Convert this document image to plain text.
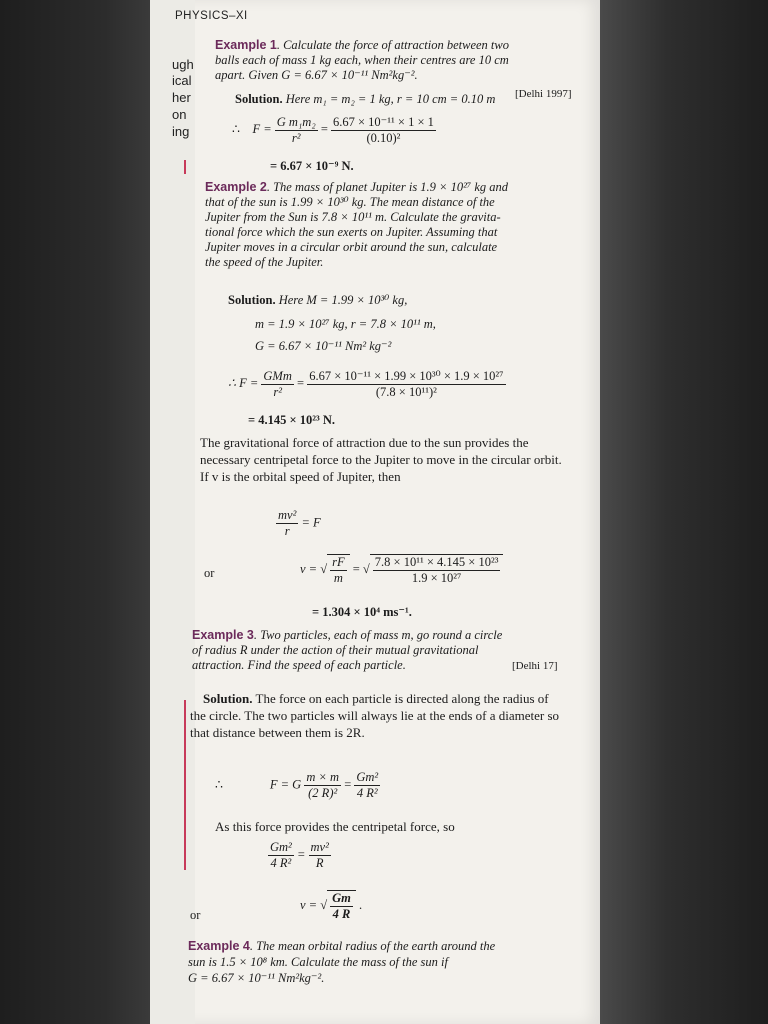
PHYSICS–XI
ugh
ical
her
on
ing
Example 1. Calculate the force of attraction between two
balls each of mass 1 kg each, when their centres are 10 cm
apart. Given G = 6.67 × 10⁻¹¹ Nm²kg⁻².
[Delhi 1997]
Solution. Here m₁ = m₂ = 1 kg, r = 10 cm = 0.10 m
∴ $F = \frac{\text{G m₁m₂}}{\text{r²}} = \frac{\text{6.67 × 10⁻¹¹ × 1 × 1}}{\text{(0.10)²}}$
= 6.67 × 10⁻⁹ N.
Example 2. The mass of planet Jupiter is 1.9 × 10²⁷ kg and
that of the sun is 1.99 × 10³⁰ kg. The mean distance of the
Jupiter from the Sun is 7.8 × 10¹¹ m. Calculate the gravita-
tional force which the sun exerts on Jupiter. Assuming that
Jupiter moves in a circular orbit around the sun, calculate
the speed of the Jupiter.
Solution. Here M = 1.99 × 10³⁰ kg,
m = 1.9 × 10²⁷ kg, r = 7.8 × 10¹¹ m,
G = 6.67 × 10⁻¹¹ Nm² kg⁻²
∴ $F = \frac{\text{GMm}}{\text{r²}} = \frac{\text{6.67 × 10⁻¹¹ × 1.99 × 10³⁰ × 1.9 × 10²⁷}}{\text{(7.8 × 10¹¹)²}}$
= 4.145 × 10²³ N.
The gravitational force of attraction due to the sun provides the necessary centripetal force to the Jupiter to move in the circular orbit. If v is the orbital speed of Jupiter, then
$\frac{\text{mv²}}{r} = F$
or	v = √ $\frac{rF}{m}$ = √ $\frac{\text{7.8 × 10¹¹ × 4.145 × 10²³}}{\text{1.9 × 10²⁷}}$
= 1.304 × 10⁴ ms⁻¹.
Example 3. Two particles, each of mass m, go round a circle
of radius R under the action of their mutual gravitational
attraction. Find the speed of each particle.	[Delhi 17]
Solution. The force on each particle is directed along the radius of the circle. The two particles will always lie at the ends of a diameter so that distance between them is 2R.
∴	F = G $\frac{m \times m}{\text{(2 R)²}} = \frac{\text{Gm²}}{\text{4 R²}}$
As this force provides the centripetal force, so
$\frac{\text{Gm²}}{\text{4 R²}} = \frac{\text{mv²}}{R}$
or
v = √ $\frac{Gm}{4 R}$ .
Example 4. The mean orbital radius of the earth around the
sun is 1.5 × 10⁸ km. Calculate the mass of the sun if
G = 6.67 × 10⁻¹¹ Nm²kg⁻².
